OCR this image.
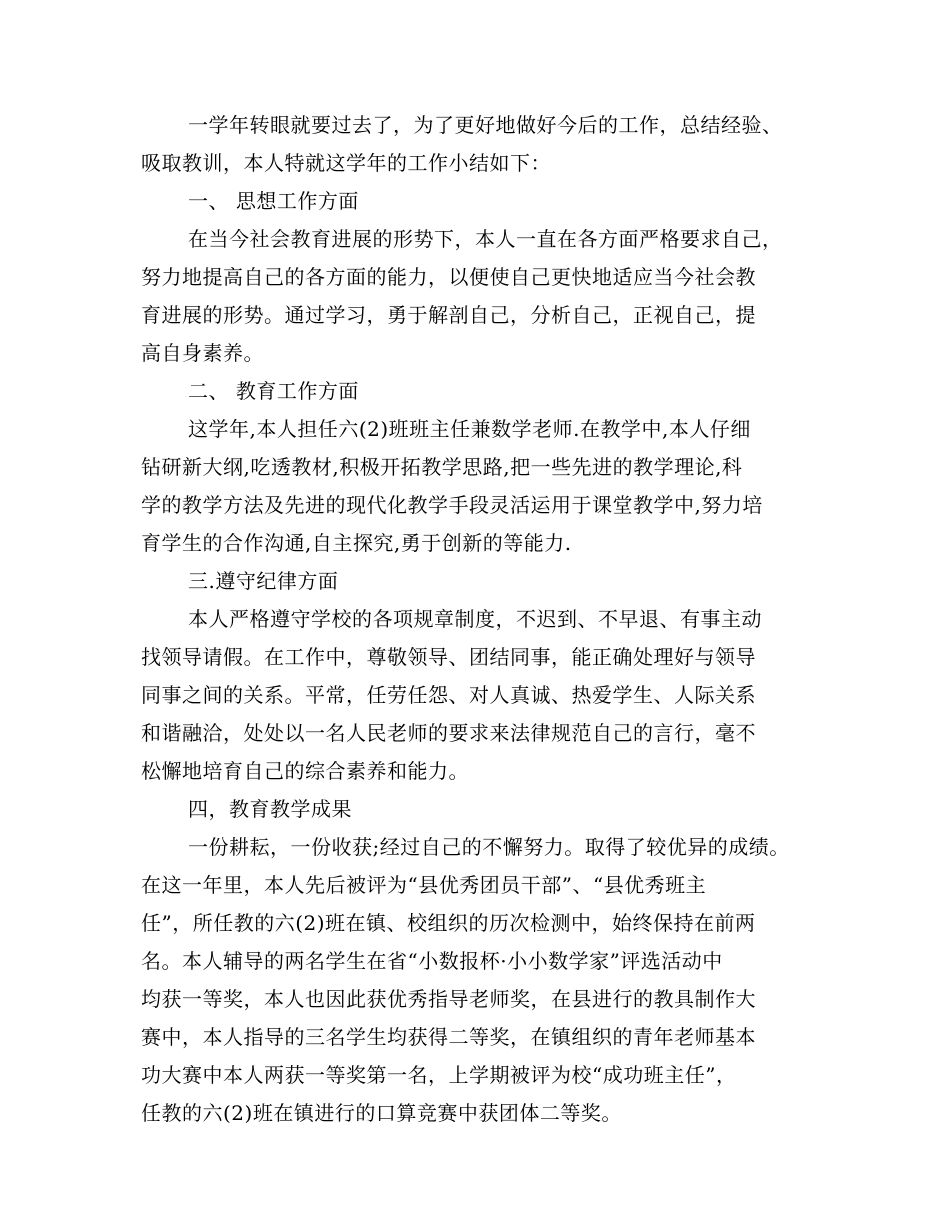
一学年转眼就要过去了，为了更好地做好今后的工作，总结经验、
吸取教训，本人特就这学年的工作小结如下：
一、 思想工作方面
在当今社会教育进展的形势下，本人一直在各方面严格要求自己，
努力地提高自己的各方面的能力，以便使自己更快地适应当今社会教
育进展的形势。通过学习，勇于解剖自己，分析自己，正视自己，提
高自身素养。
二、 教育工作方面
这学年,本人担任六(2)班班主任兼数学老师.在教学中,本人仔细
钻研新大纲,吃透教材,积极开拓教学思路,把一些先进的教学理论,科
学的教学方法及先进的现代化教学手段灵活运用于课堂教学中,努力培
育学生的合作沟通,自主探究,勇于创新的等能力.
三.遵守纪律方面
本人严格遵守学校的各项规章制度，不迟到、不早退、有事主动
找领导请假。在工作中，尊敬领导、团结同事，能正确处理好与领导
同事之间的关系。平常，任劳任怨、对人真诚、热爱学生、人际关系
和谐融洽，处处以一名人民老师的要求来法律规范自己的言行，毫不
松懈地培育自己的综合素养和能力。
四，教育教学成果
一份耕耘，一份收获;经过自己的不懈努力。取得了较优异的成绩。
在这一年里，本人先后被评为“县优秀团员干部”、“县优秀班主
任”，所任教的六(2)班在镇、校组织的历次检测中，始终保持在前两
名。本人辅导的两名学生在省“小数报杯·小小数学家”评选活动中
均获一等奖，本人也因此获优秀指导老师奖，在县进行的教具制作大
赛中，本人指导的三名学生均获得二等奖，在镇组织的青年老师基本
功大赛中本人两获一等奖第一名，上学期被评为校“成功班主任”，
任教的六(2)班在镇进行的口算竞赛中获团体二等奖。
